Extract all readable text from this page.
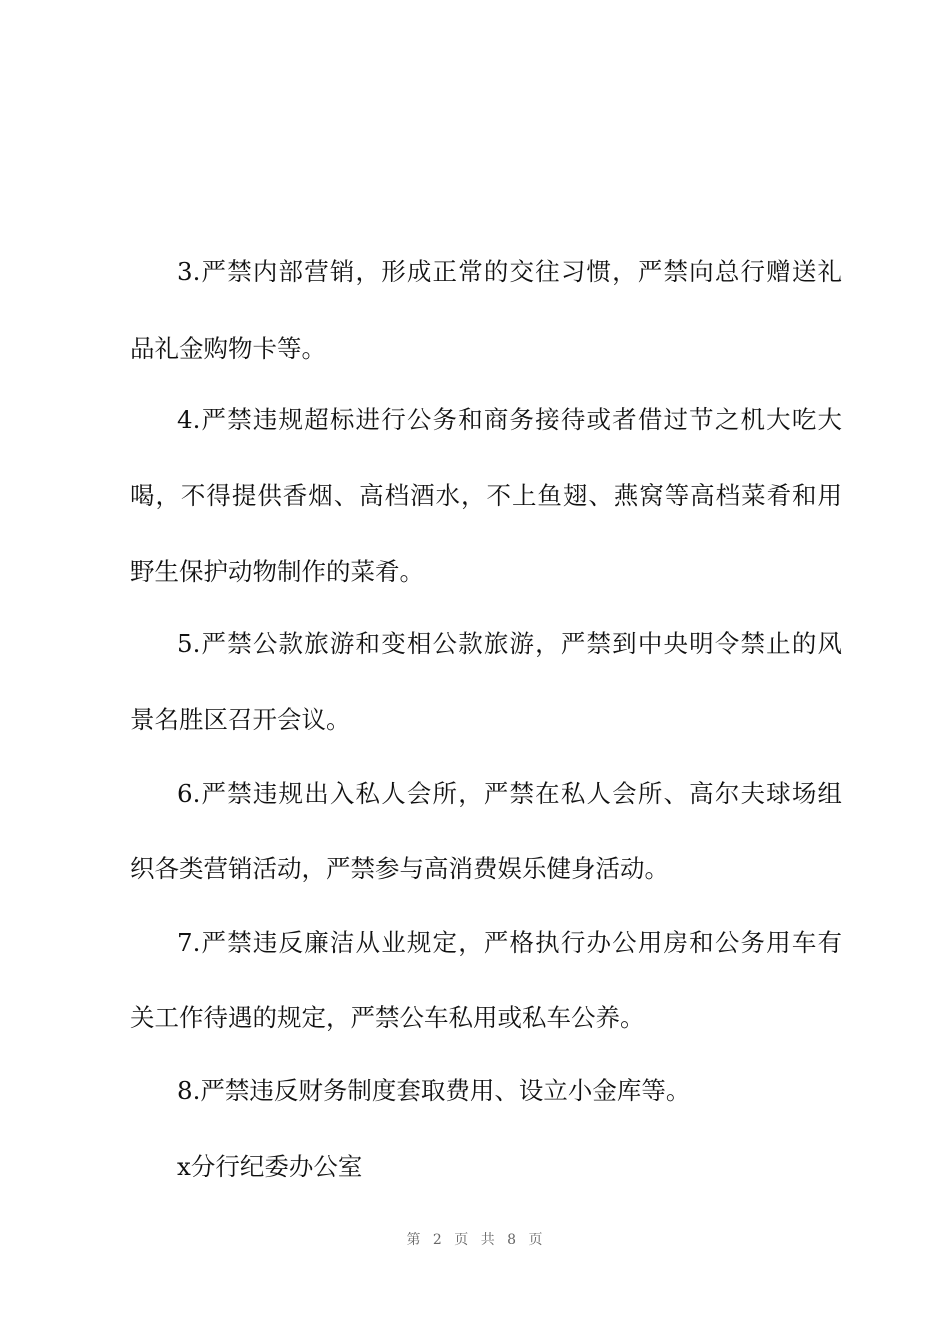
3.严禁内部营销，形成正常的交往习惯，严禁向总行赠送礼
品礼金购物卡等。
4.严禁违规超标进行公务和商务接待或者借过节之机大吃大
喝，不得提供香烟、高档酒水，不上鱼翅、燕窝等高档菜肴和用
野生保护动物制作的菜肴。
5.严禁公款旅游和变相公款旅游，严禁到中央明令禁止的风
景名胜区召开会议。
6.严禁违规出入私人会所，严禁在私人会所、高尔夫球场组
织各类营销活动，严禁参与高消费娱乐健身活动。
7.严禁违反廉洁从业规定，严格执行办公用房和公务用车有
关工作待遇的规定，严禁公车私用或私车公养。
8.严禁违反财务制度套取费用、设立小金库等。
x分行纪委办公室
第 2 页 共 8 页
